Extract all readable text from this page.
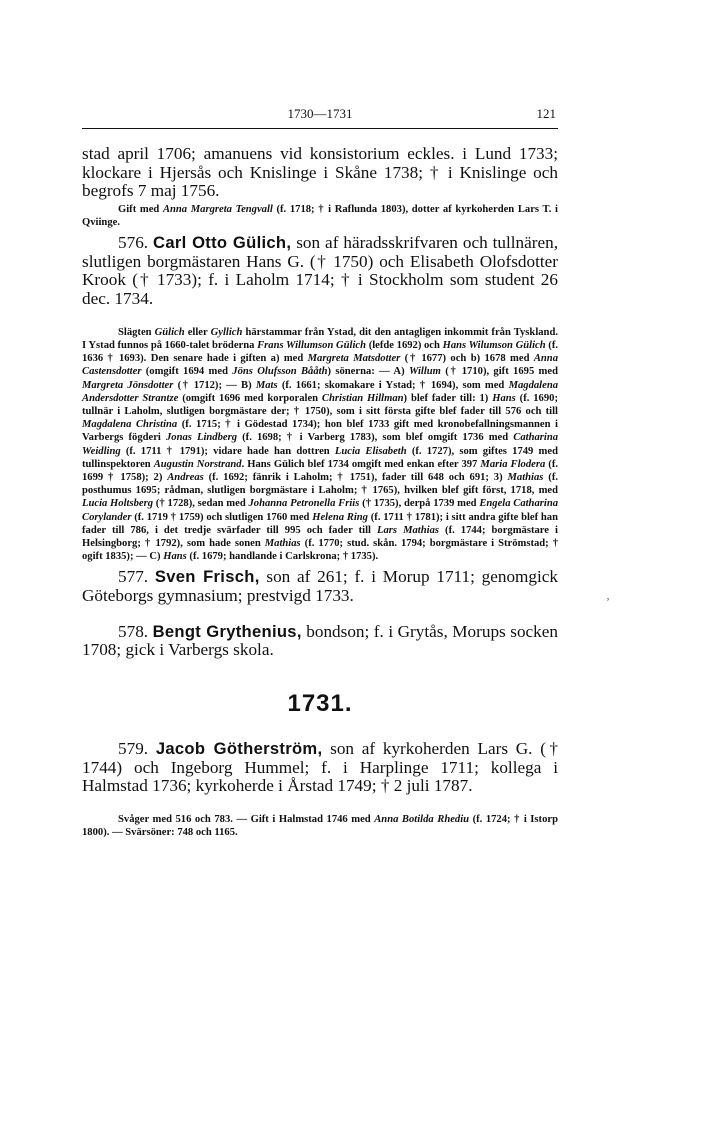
1730—1731	121
‚

stad april 1706; amanuens vid konsistorium eckles. i Lund 1733; klockare i Hjersås och Knislinge i Skåne 1738; † i Knislinge och begrofs 7 maj 1756.

Gift med Anna Margreta Tengvall (f. 1718; † i Raflunda 1803), dotter af kyrkoherden Lars T. i Qviinge.

576. Carl Otto Gülich, son af häradsskrifvaren och tullnären, slutligen borgmästaren Hans G. († 1750) och Elisabeth Olofsdotter Krook († 1733); f. i Laholm 1714; † i Stockholm som student 26 dec. 1734.

Slägten Gülich eller Gyllich härstammar från Ystad, dit den antagligen inkommit från Tyskland. I Ystad funnos på 1660-talet bröderna Frans Willumson Gülich (lefde 1692) och Hans Wilumson Gülich (f. 1636 † 1693). Den senare hade i giften a) med Margreta Matsdotter († 1677) och b) 1678 med Anna Castensdotter (omgift 1694 med Jöns Olufsson Bååth) sönerna: — A) Willum († 1710), gift 1695 med Margreta Jönsdotter († 1712); — B) Mats (f. 1661; skomakare i Ystad; † 1694), som med Magdalena Andersdotter Strantze (omgift 1696 med korporalen Christian Hillman) blef fader till: 1) Hans (f. 1690; tullnär i Laholm, slutligen borgmästare der; † 1750), som i sitt första gifte blef fader till 576 och till Magdalena Christina (f. 1715; † i Gödestad 1734); hon blef 1733 gift med kronobefallningsmannen i Varbergs fögderi Jonas Lindberg (f. 1698; † i Varberg 1783), som blef omgift 1736 med Catharina Weidling (f. 1711 † 1791); vidare hade han dottren Lucia Elisabeth (f. 1727), som giftes 1749 med tullinspektoren Augustin Norstrand. Hans Gülich blef 1734 omgift med enkan efter 397 Maria Flodera (f. 1699 † 1758); 2) Andreas (f. 1692; fänrik i Laholm; † 1751), fader till 648 och 691; 3) Mathias (f. posthumus 1695; rådman, slutligen borgmästare i Laholm; † 1765), hvilken blef gift först, 1718, med Lucia Holtsberg († 1728), sedan med Johanna Petronella Friis († 1735), derpå 1739 med Engela Catharina Corylander (f. 1719 † 1759) och slutligen 1760 med Helena Ring (f. 1711 † 1781); i sitt andra gifte blef han fader till 786, i det tredje svärfader till 995 och fader till Lars Mathias (f. 1744; borgmästare i Helsingborg; † 1792), som hade sonen Mathias (f. 1770; stud. skån. 1794; borgmästare i Strömstad; † ogift 1835); — C) Hans (f. 1679; handlande i Carlskrona; † 1735).

577. Sven Frisch, son af 261; f. i Morup 1711; genomgick Göteborgs gymnasium; prestvigd 1733.

578. Bengt Grythenius, bondson; f. i Grytås, Morups socken 1708; gick i Varbergs skola.

1731.

579. Jacob Götherström, son af kyrkoherden Lars G. († 1744) och Ingeborg Hummel; f. i Harplinge 1711; kollega i Halmstad 1736; kyrkoherde i Årstad 1749; † 2 juli 1787.

Svåger med 516 och 783. — Gift i Halmstad 1746 med Anna Botilda Rhediu (f. 1724; † i Istorp 1800). — Svärsöner: 748 och 1165.
